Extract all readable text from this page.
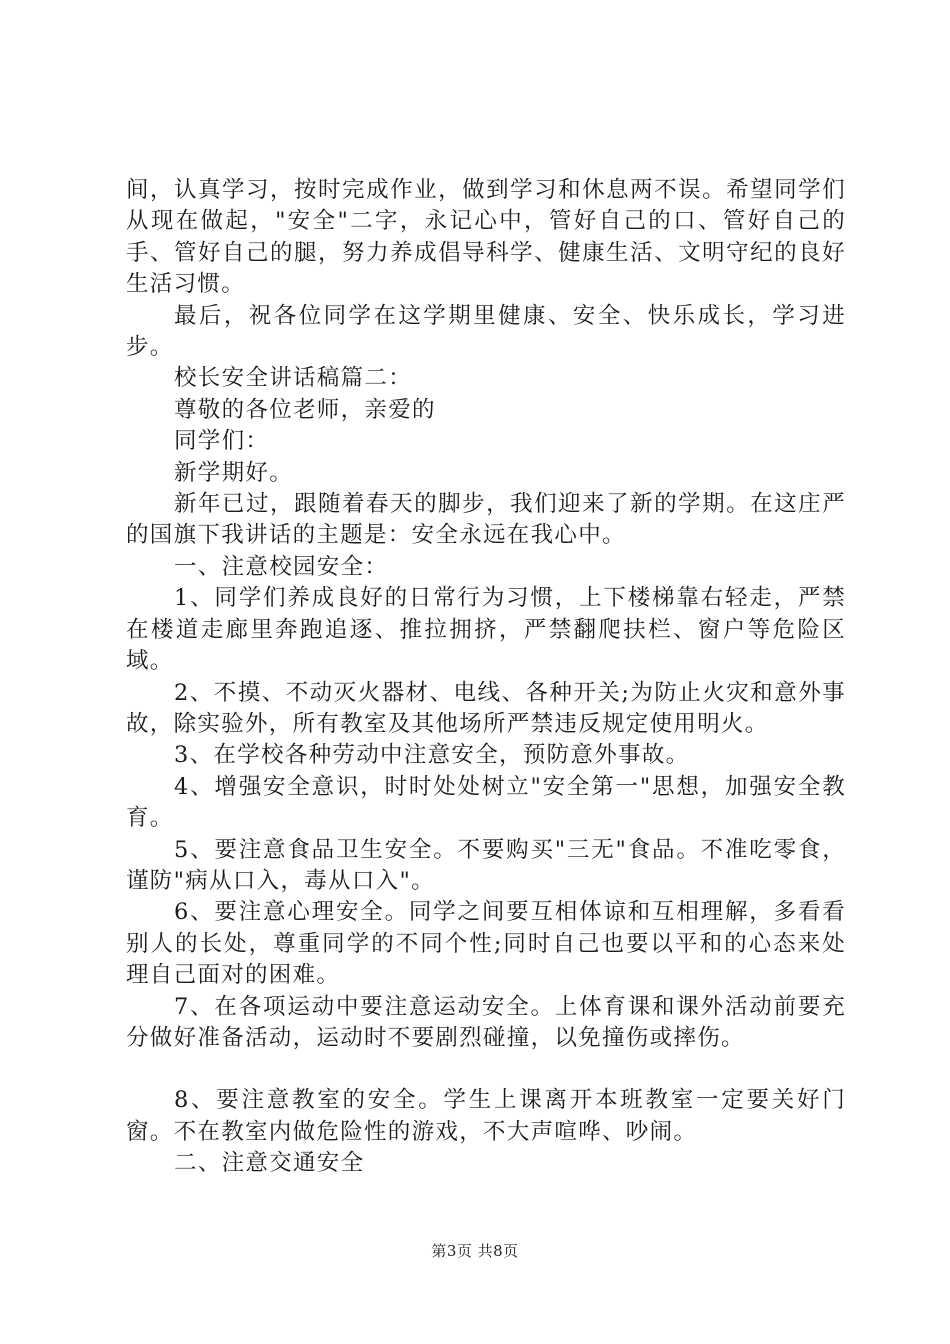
间，认真学习，按时完成作业，做到学习和休息两不误。希望同学们从现在做起，"安全"二字，永记心中，管好自己的口、管好自己的手、管好自己的腿，努力养成倡导科学、健康生活、文明守纪的良好生活习惯。

最后，祝各位同学在这学期里健康、安全、快乐成长，学习进步。

校长安全讲话稿篇二：

尊敬的各位老师，亲爱的

同学们：

新学期好。

新年已过，跟随着春天的脚步，我们迎来了新的学期。在这庄严的国旗下我讲话的主题是：安全永远在我心中。

一、注意校园安全：

1、同学们养成良好的日常行为习惯，上下楼梯靠右轻走，严禁在楼道走廊里奔跑追逐、推拉拥挤，严禁翻爬扶栏、窗户等危险区域。

2、不摸、不动灭火器材、电线、各种开关;为防止火灾和意外事故，除实验外，所有教室及其他场所严禁违反规定使用明火。

3、在学校各种劳动中注意安全，预防意外事故。

4、增强安全意识，时时处处树立"安全第一"思想，加强安全教育。

5、要注意食品卫生安全。不要购买"三无"食品。不准吃零食，谨防"病从口入，毒从口入"。

6、要注意心理安全。同学之间要互相体谅和互相理解，多看看别人的长处，尊重同学的不同个性;同时自己也要以平和的心态来处理自己面对的困难。

7、在各项运动中要注意运动安全。上体育课和课外活动前要充分做好准备活动，运动时不要剧烈碰撞，以免撞伤或摔伤。

8、要注意教室的安全。学生上课离开本班教室一定要关好门窗。不在教室内做危险性的游戏，不大声喧哗、吵闹。

二、注意交通安全

第3页 共8页
